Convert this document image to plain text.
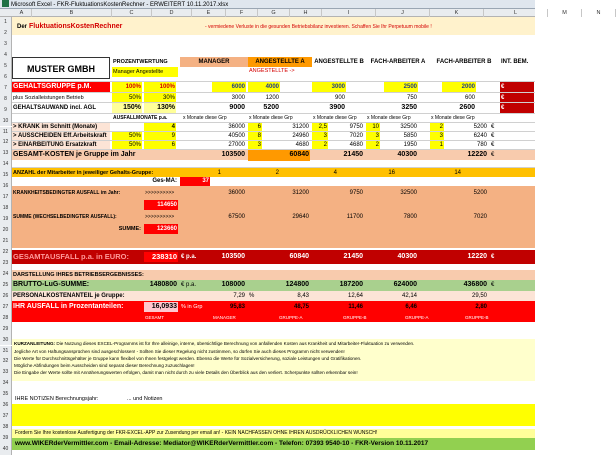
Microsoft Excel - FKR-FluktuationsKostenRechner - ERWEITERT 10.11.2017.xlsx
A	B	C	D	E	F	G	H	I	J	K	L	M	N
1
2
3
4
5
6
7
8
9
10
11
12
13
14
15
16
17
18
19
20
21
22
23
24
25
26
27
28
29
30
31
32
33
34
35
36
37
38
39
40
Der FluktuationsKostenRechner	- vermiedene Verluste in die gesunden Betriebsbilanz investieren. Schaffen Sie Ihr Perpetuum mobile !
MUSTER GMBH
PROZENTWERTUNG	MANAGER	ANGESTELLTE A	ANGESTELLTE B	FACH-ARBEITER A	FACH-ARBEITER B	INT. BEM.
Manager Angestellte	ANGESTELLTE ->
GEHALTSGRUPPE p.M.	100%	100%	6000	4000	3000	2500	2000	€
plus Sozialleistungen Betrieb	50%	30%	3000	1200	900	750	600	€
GEHALTSAUWAND incl. AGL	150%	130%	9000	5200	3900	3250	2600	€
AUSFALLMONATE p.a.	x Monate diese Grp	x Monate diese Grp	x Monate diese Grp	x Monate diese Grp	x Monate diese Grp
> KRANK im Schnitt (Monate)	4	36000	6	31200	2,5	9750	10	32500	2	5200 €
> AUSSCHEIDEN Eff.Arbeitskraft	50%	9	40500	8	24960	3	7020	3	5850	3	6240 €
> EINARBEITUNG Ersatzkraft	50%	6	27000	3	4680	2	4680	2	1950	1	780 €
GESAMT-KOSTEN je Gruppe im Jahr	103500	60840	21450	40300	12220 €
ANZAHL der Mitarbeiter in jeweiliger Gehalts-Gruppe:	1	2	4	16	14
Ges-MA:	37
KRANKHEITSBEDINGTER AUSFALL im Jahr:	>>>>>>>>>>	36000	31200	9750	32500	5200
114650
SUMME (WECHSELBEDINGTER AUSFALL):	>>>>>>>>>>	67500	29640	11700	7800	7020
SUMME:	123660
GESAMTAUSFALL p.a. in EURO:	238310 € p.a.	103500	60840	21450	40300	12220 €
DARSTELLUNG IHRES BETRIEBSERGEBNISSES:
BRUTTO-LuG-SUMME:	1480800 € p.a.	108000	124800	187200	624000	436800 €
PERSONALKOSTENANTEIL je Gruppe:	7,29 %	8,43	12,64	42,14	29,50
IHR AUSFALL in Prozentanteilen:	16,0933 % in Grp	95,83	48,75	11,46	6,46	2,80
GESAMT	MANAGER	GRUPPE-A	GRUPPE-B	GRUPPE-A	GRUPPE-B
KURZANLEITUNG: Die Nutzung dieses EXCEL-Programms ist für Ihre alleinige, interne, übersichtlige Berechnung von anfallenden Kosten aus Krankheit und Mitarbeiter-Fluktuation zu verwenden.
Jegliche Art von Haftungsansprüchen sind ausgeschlossen! - Sollten Sie dieser Regelung nicht zustimmen, so dürfen Sie auch dieses Programm nicht verwenden!
Die Werte für Durchschnittsgehälter je Gruppe kann flexibel von Ihnen festgelegt werden. Ebenso die Werte für Sozialversicherung, soziale Leistungen und Gratifikationen.
Mögliche Abfindungen beim Ausscheiden sind separat dieser Berechnung zuzuschlagen!
Die Eingabe der Werte sollte mit Annäherungswerten erfolgen, damit man nicht durch zu viele Details den Überblick aus den verliert. Scherpunkte sollten erkennbar sein!
IHRE NOTIZEN Berechnungsjahr:	... und Notizen
Fordern Sie Ihre kostenlose Ausfertigung der FKR-EXCEL-APP zur Zusendung per email an! - KEIN NACHFASSEN OHNE IHREN AUSDRÜCKLICHEN WUNSCH!
www.WIKERderVermittler.com - Email-Adresse: Mediator@WIKERderVermittler.com - Telefon: 07393 9540-10 - FKR-Version 10.11.2017
